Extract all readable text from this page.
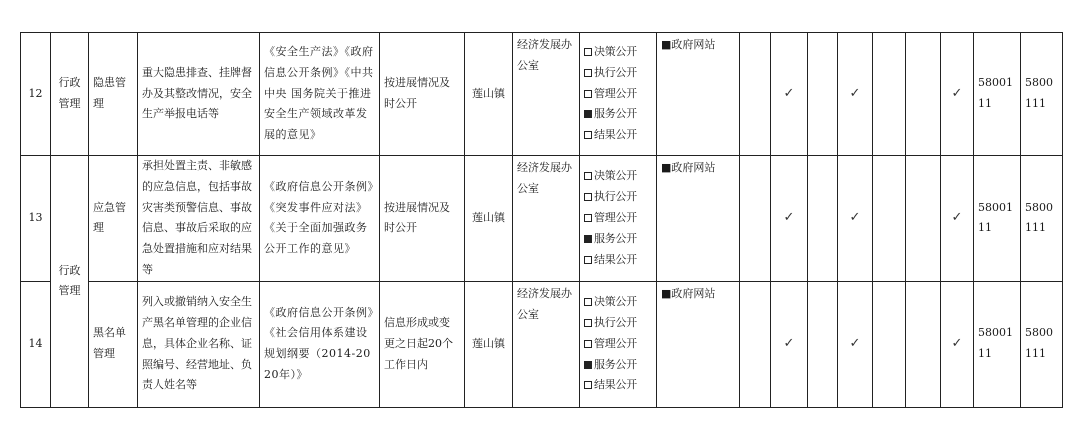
12	行政管理	隐患管理	重大隐患排查、挂牌督办及其整改情况，安全生产举报电话等	《安全生产法》《政府信息公开条例》《中共中央 国务院关于推进安全生产领域改革发展的意见》	按进展情况及时公开	莲山镇	经济发展办公室	决策公开
执行公开
管理公开
服务公开
结果公开	■政府网站		✓		✓			✓	5800111	5800111

13	行政管理	应急管理	承担处置主责、非敏感的应急信息，包括事故灾害类预警信息、事故信息、事故后采取的应急处置措施和应对结果等	《政府信息公开条例》《突发事件应对法》《关于全面加强政务公开工作的意见》	按进展情况及时公开	莲山镇	经济发展办公室	决策公开
执行公开
管理公开
服务公开
结果公开	■政府网站		✓		✓			✓	5800111	5800111

14		黑名单管理	列入或撤销纳入安全生产黑名单管理的企业信息，具体企业名称、证照编号、经营地址、负责人姓名等	《政府信息公开条例》《社会信用体系建设规划纲要（2014-2020年）》	信息形成或变更之日起20个工作日内	莲山镇	经济发展办公室	决策公开
执行公开
管理公开
服务公开
结果公开	■政府网站		✓		✓			✓	5800111	5800111
